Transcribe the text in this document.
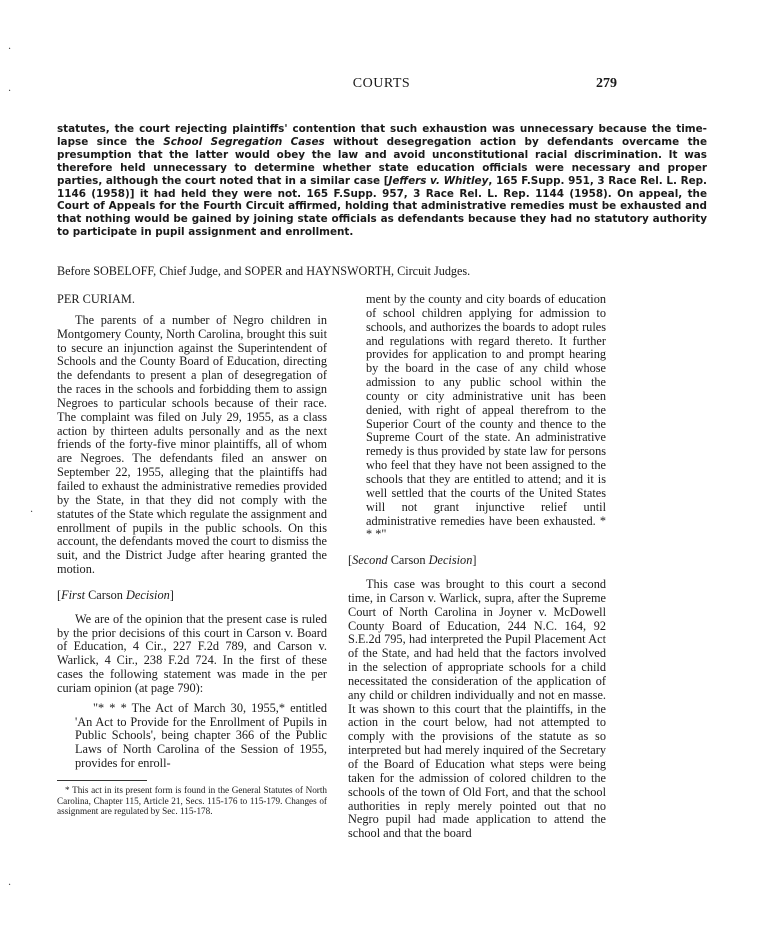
COURTS	279

statutes, the court rejecting plaintiffs' contention that such exhaustion was unnecessary because the time-lapse since the School Segregation Cases without desegregation action by defendants overcame the presumption that the latter would obey the law and avoid unconstitutional racial discrimination. It was therefore held unnecessary to determine whether state education officials were necessary and proper parties, although the court noted that in a similar case [Jeffers v. Whitley, 165 F.Supp. 951, 3 Race Rel. L. Rep. 1146 (1958)] it had held they were not. 165 F.Supp. 957, 3 Race Rel. L. Rep. 1144 (1958). On appeal, the Court of Appeals for the Fourth Circuit affirmed, holding that administrative remedies must be exhausted and that nothing would be gained by joining state officials as defendants because they had no statutory authority to participate in pupil assignment and enrollment.

Before SOBELOFF, Chief Judge, and SOPER and HAYNSWORTH, Circuit Judges.

PER CURIAM.

The parents of a number of Negro children in Montgomery County, North Carolina, brought this suit to secure an injunction against the Superintendent of Schools and the County Board of Education, directing the defendants to present a plan of desegregation of the races in the schools and forbidding them to assign Negroes to particular schools because of their race. The complaint was filed on July 29, 1955, as a class action by thirteen adults personally and as the next friends of the forty-five minor plaintiffs, all of whom are Negroes. The defendants filed an answer on September 22, 1955, alleging that the plaintiffs had failed to exhaust the administrative remedies provided by the State, in that they did not comply with the statutes of the State which regulate the assignment and enrollment of pupils in the public schools. On this account, the defendants moved the court to dismiss the suit, and the District Judge after hearing granted the motion.

[First Carson Decision]

We are of the opinion that the present case is ruled by the prior decisions of this court in Carson v. Board of Education, 4 Cir., 227 F.2d 789, and Carson v. Warlick, 4 Cir., 238 F.2d 724. In the first of these cases the following statement was made in the per curiam opinion (at page 790):

"* * * The Act of March 30, 1955,* entitled 'An Act to Provide for the Enrollment of Pupils in Public Schools', being chapter 366 of the Public Laws of North Carolina of the Session of 1955, provides for enroll-

* This act in its present form is found in the General Statutes of North Carolina, Chapter 115, Article 21, Secs. 115-176 to 115-179. Changes of assignment are regulated by Sec. 115-178.

ment by the county and city boards of education of school children applying for admission to schools, and authorizes the boards to adopt rules and regulations with regard thereto. It further provides for application to and prompt hearing by the board in the case of any child whose admission to any public school within the county or city administrative unit has been denied, with right of appeal therefrom to the Superior Court of the county and thence to the Supreme Court of the state. An administrative remedy is thus provided by state law for persons who feel that they have not been assigned to the schools that they are entitled to attend; and it is well settled that the courts of the United States will not grant injunctive relief until administrative remedies have been exhausted. * * *"

[Second Carson Decision]

This case was brought to this court a second time, in Carson v. Warlick, supra, after the Supreme Court of North Carolina in Joyner v. McDowell County Board of Education, 244 N.C. 164, 92 S.E.2d 795, had interpreted the Pupil Placement Act of the State, and had held that the factors involved in the selection of appropriate schools for a child necessitated the consideration of the application of any child or children individually and not en masse. It was shown to this court that the plaintiffs, in the action in the court below, had not attempted to comply with the provisions of the statute as so interpreted but had merely inquired of the Secretary of the Board of Education what steps were being taken for the admission of colored children to the schools of the town of Old Fort, and that the school authorities in reply merely pointed out that no Negro pupil had made application to attend the school and that the board

·
·
·
·
